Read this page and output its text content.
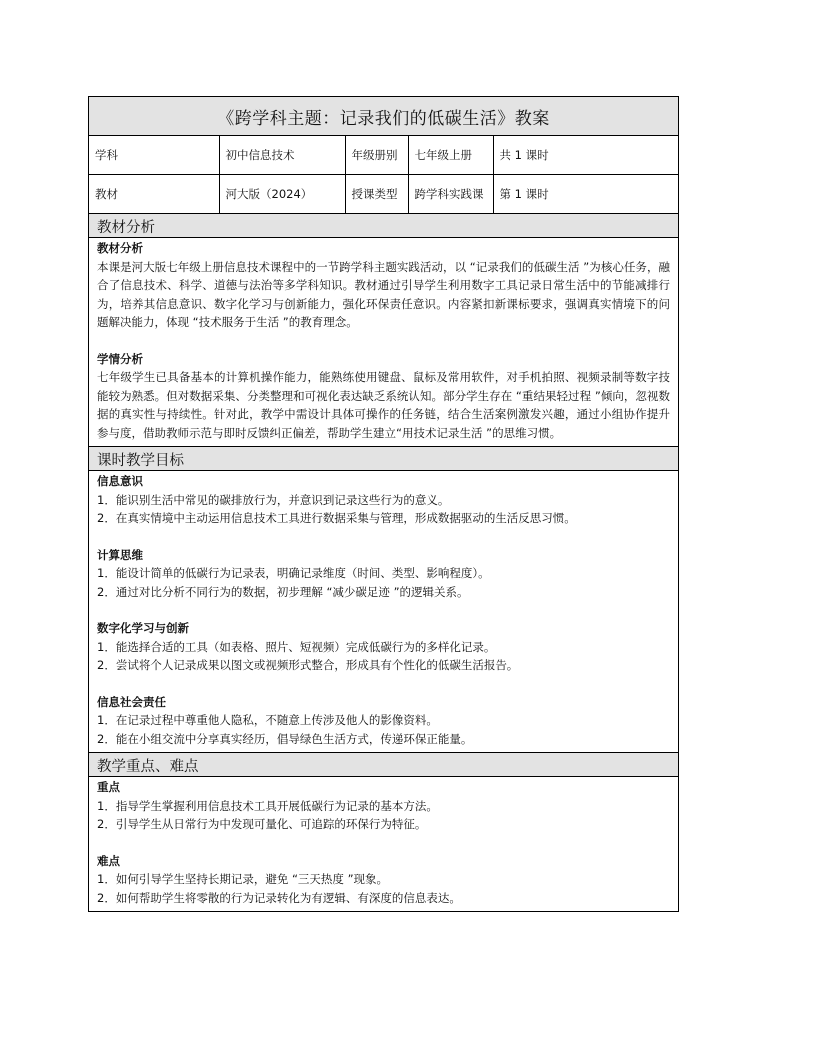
《跨学科主题：记录我们的低碳生活》教案
学科	初中信息技术	年级册别	七年级上册	共 1 课时
教材	河大版（2024）	授课类型	跨学科实践课	第 1 课时
教材分析
教材分析
本课是河大版七年级上册信息技术课程中的一节跨学科主题实践活动，以 “记录我们的低碳生活 ”为核心任务，融合了信息技术、科学、道德与法治等多学科知识。教材通过引导学生利用数字工具记录日常生活中的节能减排行为，培养其信息意识、数字化学习与创新能力，强化环保责任意识。内容紧扣新课标要求，强调真实情境下的问题解决能力，体现 “技术服务于生活 ”的教育理念。
学情分析
七年级学生已具备基本的计算机操作能力，能熟练使用键盘、鼠标及常用软件，对手机拍照、视频录制等数字技能较为熟悉。但对数据采集、分类整理和可视化表达缺乏系统认知。部分学生存在 “重结果轻过程 ”倾向，忽视数据的真实性与持续性。针对此，教学中需设计具体可操作的任务链，结合生活案例激发兴趣，通过小组协作提升参与度，借助教师示范与即时反馈纠正偏差，帮助学生建立“用技术记录生活 ”的思维习惯。
课时教学目标
信息意识
1．能识别生活中常见的碳排放行为，并意识到记录这些行为的意义。
2．在真实情境中主动运用信息技术工具进行数据采集与管理，形成数据驱动的生活反思习惯。
计算思维
1．能设计简单的低碳行为记录表，明确记录维度（时间、类型、影响程度）。
2．通过对比分析不同行为的数据，初步理解 “减少碳足迹 ”的逻辑关系。
数字化学习与创新
1．能选择合适的工具（如表格、照片、短视频）完成低碳行为的多样化记录。
2．尝试将个人记录成果以图文或视频形式整合，形成具有个性化的低碳生活报告。
信息社会责任
1．在记录过程中尊重他人隐私，不随意上传涉及他人的影像资料。
2．能在小组交流中分享真实经历，倡导绿色生活方式，传递环保正能量。
教学重点、难点
重点
1．指导学生掌握利用信息技术工具开展低碳行为记录的基本方法。
2．引导学生从日常行为中发现可量化、可追踪的环保行为特征。
难点
1．如何引导学生坚持长期记录，避免 “三天热度 ”现象。
2．如何帮助学生将零散的行为记录转化为有逻辑、有深度的信息表达。
